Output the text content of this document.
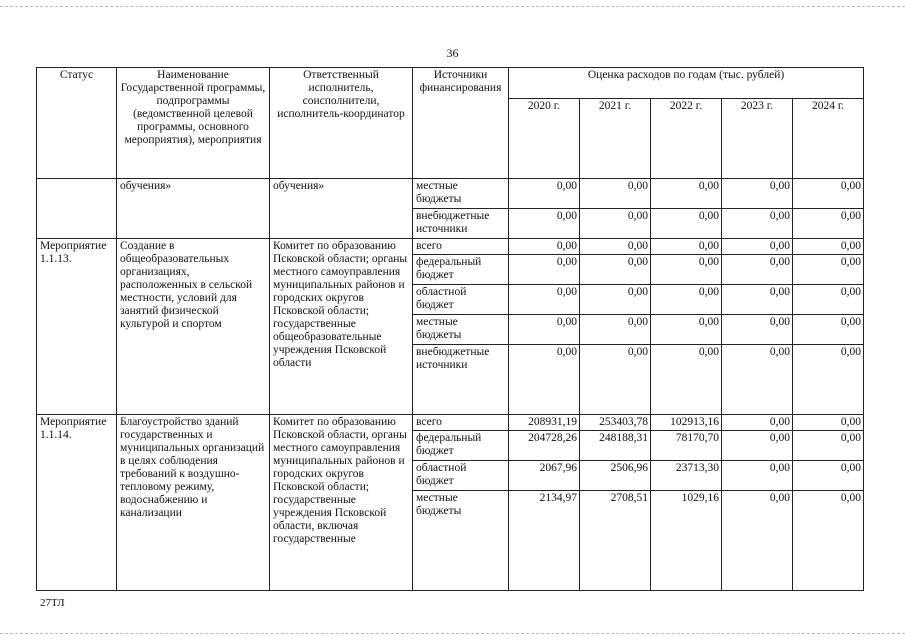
36
Статус	Наименование Государственной программы, подпрограммы (ведомственной целевой программы, основного мероприятия), мероприятия	Ответственный исполнитель, соисполнители, исполнитель-координатор	Источники финансирования	Оценка расходов по годам (тыс. рублей)				
				2020 г.	2021 г.	2022 г.	2023 г.	2024 г.
	обучения»	обучения»	местные бюджеты	0,00	0,00	0,00	0,00	0,00
			внебюджетные источники	0,00	0,00	0,00	0,00	0,00
Мероприятие 1.1.13.	Создание в общеобразовательных организациях, расположенных в сельской местности, условий для занятий физической культурой и спортом	Комитет по образованию Псковской области; органы местного самоуправления муниципальных районов и городских округов Псковской области; государственные общеобразовательные учреждения Псковской области	всего	0,00	0,00	0,00	0,00	0,00
			федеральный бюджет	0,00	0,00	0,00	0,00	0,00
			областной бюджет	0,00	0,00	0,00	0,00	0,00
			местные бюджеты	0,00	0,00	0,00	0,00	0,00
			внебюджетные источники	0,00	0,00	0,00	0,00	0,00
Мероприятие 1.1.14.	Благоустройство зданий государственных и муниципальных организаций в целях соблюдения требований к воздушно-тепловому режиму, водоснабжению и канализации	Комитет по образованию Псковской области, органы местного самоуправления муниципальных районов и городских округов Псковской области; государственные учреждения Псковской области, включая государственные	всего	208931,19	253403,78	102913,16	0,00	0,00
			федеральный бюджет	204728,26	248188,31	78170,70	0,00	0,00
			областной бюджет	2067,96	2506,96	23713,30	0,00	0,00
			местные бюджеты	2134,97	2708,51	1029,16	0,00	0,00
27ТЛ
